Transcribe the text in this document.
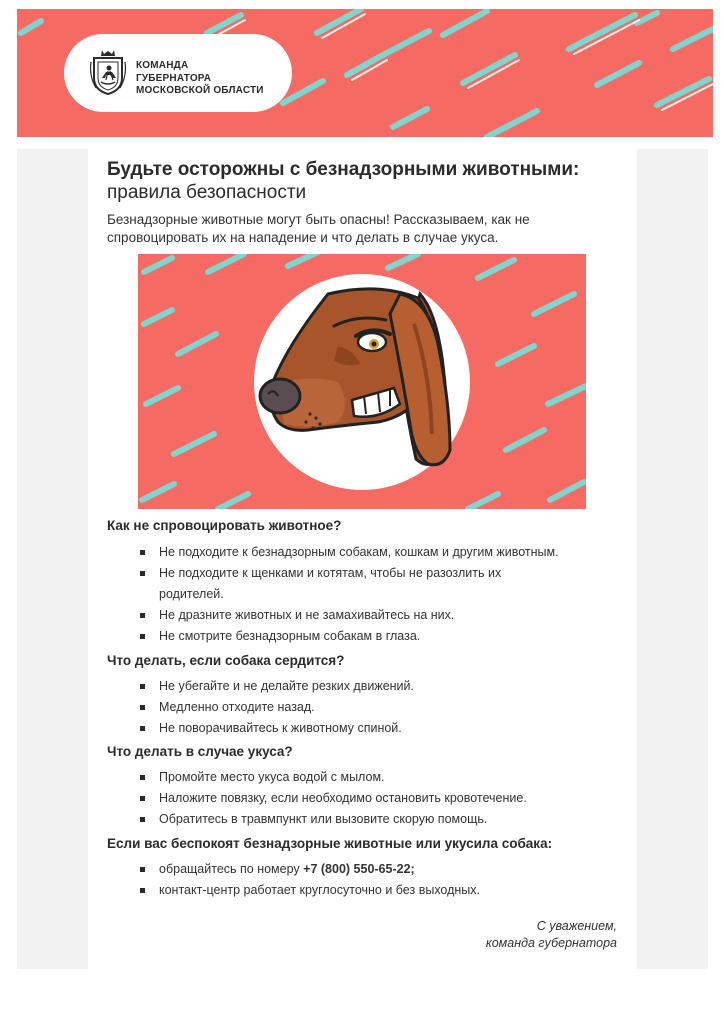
КОМАНДА
ГУБЕРНАТОРА
МОСКОВСКОЙ ОБЛАСТИ
Будьте осторожны с безнадзорными животными: правила безопасности
Безнадзорные животные могут быть опасны! Рассказываем, как не спровоцировать их на нападение и что делать в случае укуса.
Как не спровоцировать животное?
Не подходите к безнадзорным собакам, кошкам и другим животным.
Не подходите к щенками и котятам, чтобы не разозлить их родителей.
Не дразните животных и не замахивайтесь на них.
Не смотрите безнадзорным собакам в глаза.
Что делать, если собака сердится?
Не убегайте и не делайте резких движений.
Медленно отходите назад.
Не поворачивайтесь к животному спиной.
Что делать в случае укуса?
Промойте место укуса водой с мылом.
Наложите повязку, если необходимо остановить кровотечение.
Обратитесь в травмпункт или вызовите скорую помощь.
Если вас беспокоят безнадзорные животные или укусила собака:
обращайтесь по номеру +7 (800) 550-65-22;
контакт-центр работает круглосуточно и без выходных.
С уважением,
команда губернатора
